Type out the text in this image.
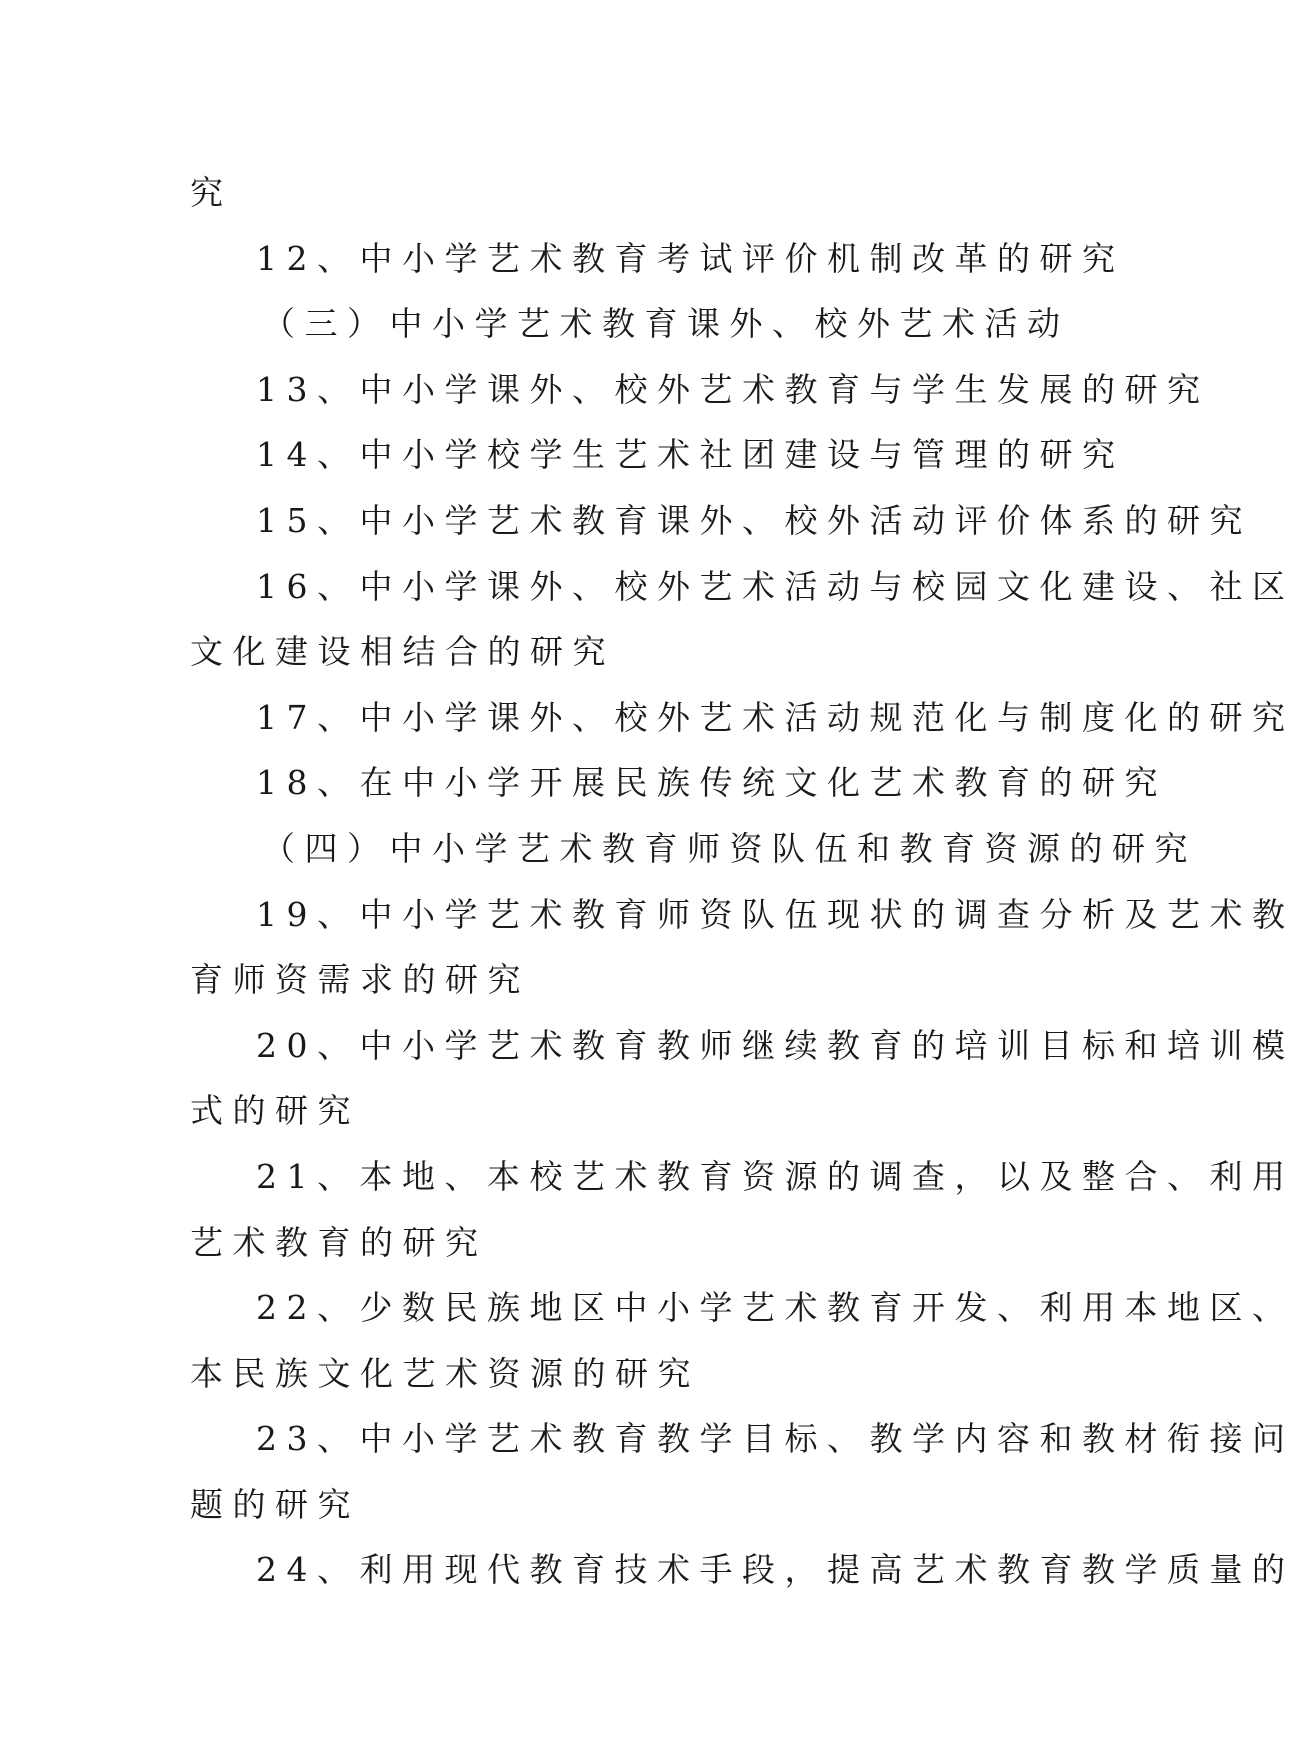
究
12、中小学艺术教育考试评价机制改革的研究
（三）中小学艺术教育课外、校外艺术活动
13、中小学课外、校外艺术教育与学生发展的研究
14、中小学校学生艺术社团建设与管理的研究
15、中小学艺术教育课外、校外活动评价体系的研究
16、中小学课外、校外艺术活动与校园文化建设、社区
文化建设相结合的研究
17、中小学课外、校外艺术活动规范化与制度化的研究
18、在中小学开展民族传统文化艺术教育的研究
（四）中小学艺术教育师资队伍和教育资源的研究
19、中小学艺术教育师资队伍现状的调查分析及艺术教
育师资需求的研究
20、中小学艺术教育教师继续教育的培训目标和培训模
式的研究
21、本地、本校艺术教育资源的调查，以及整合、利用
艺术教育的研究
22、少数民族地区中小学艺术教育开发、利用本地区、
本民族文化艺术资源的研究
23、中小学艺术教育教学目标、教学内容和教材衔接问
题的研究
24、利用现代教育技术手段，提高艺术教育教学质量的
